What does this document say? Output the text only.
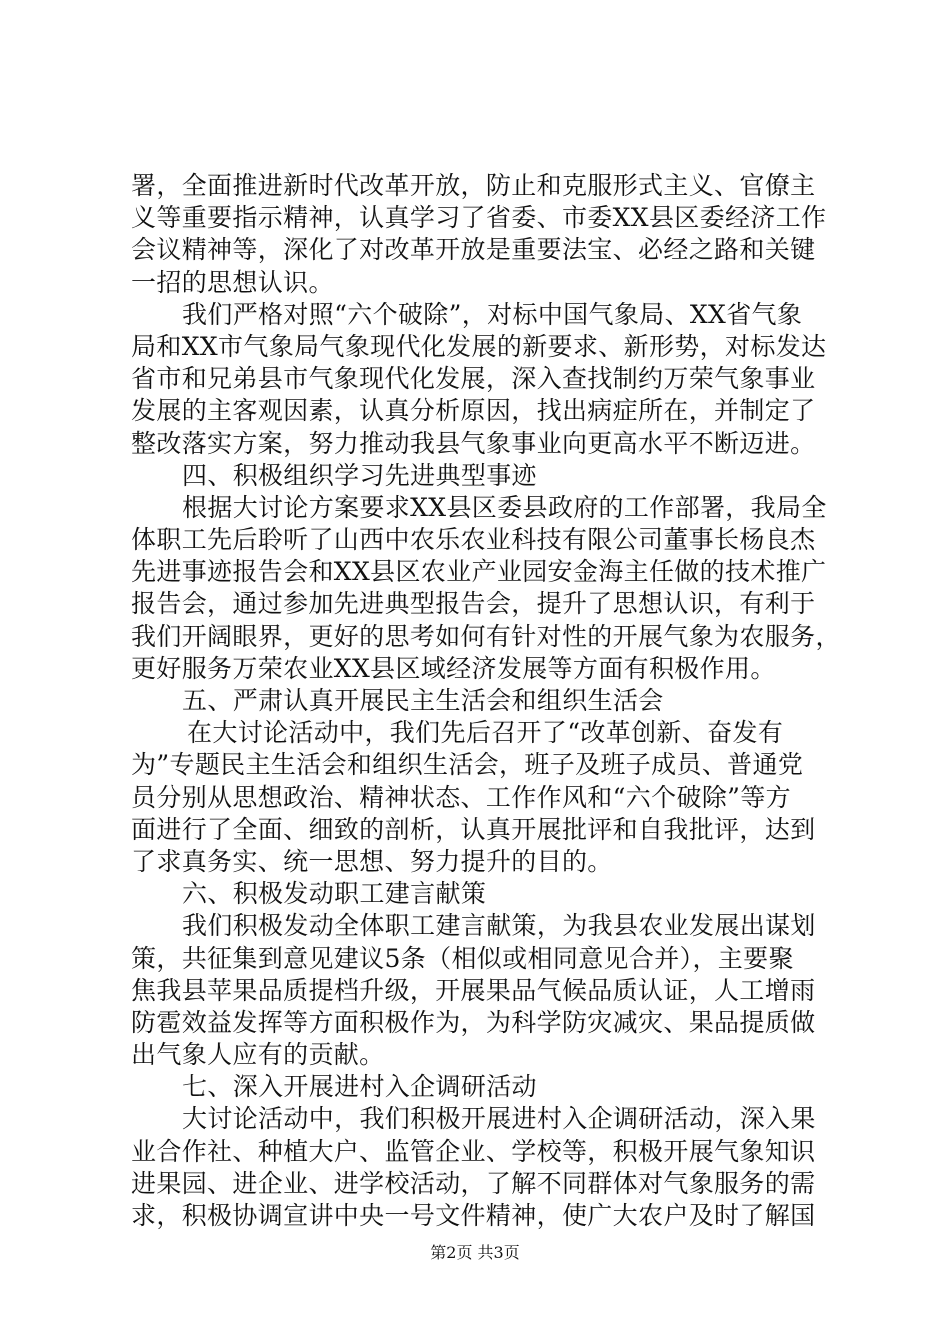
署，全面推进新时代改革开放，防止和克服形式主义、官僚主
义等重要指示精神，认真学习了省委、市委XX县区委经济工作
会议精神等，深化了对改革开放是重要法宝、必经之路和关键
一招的思想认识。
我们严格对照“六个破除”，对标中国气象局、XX省气象
局和XX市气象局气象现代化发展的新要求、新形势，对标发达
省市和兄弟县市气象现代化发展，深入查找制约万荣气象事业
发展的主客观因素，认真分析原因，找出病症所在，并制定了
整改落实方案，努力推动我县气象事业向更高水平不断迈进。
四、积极组织学习先进典型事迹
根据大讨论方案要求XX县区委县政府的工作部署，我局全
体职工先后聆听了山西中农乐农业科技有限公司董事长杨良杰
先进事迹报告会和XX县区农业产业园安金海主任做的技术推广
报告会，通过参加先进典型报告会，提升了思想认识，有利于
我们开阔眼界，更好的思考如何有针对性的开展气象为农服务，
更好服务万荣农业XX县区域经济发展等方面有积极作用。
五、严肃认真开展民主生活会和组织生活会
在大讨论活动中，我们先后召开了“改革创新、奋发有
为”专题民主生活会和组织生活会，班子及班子成员、普通党
员分别从思想政治、精神状态、工作作风和“六个破除”等方
面进行了全面、细致的剖析，认真开展批评和自我批评，达到
了求真务实、统一思想、努力提升的目的。
六、积极发动职工建言献策
我们积极发动全体职工建言献策，为我县农业发展出谋划
策，共征集到意见建议5条（相似或相同意见合并），主要聚
焦我县苹果品质提档升级，开展果品气候品质认证，人工增雨
防雹效益发挥等方面积极作为，为科学防灾减灾、果品提质做
出气象人应有的贡献。
七、深入开展进村入企调研活动
大讨论活动中，我们积极开展进村入企调研活动，深入果
业合作社、种植大户、监管企业、学校等，积极开展气象知识
进果园、进企业、进学校活动，了解不同群体对气象服务的需
求，积极协调宣讲中央一号文件精神，使广大农户及时了解国
第2页 共3页
